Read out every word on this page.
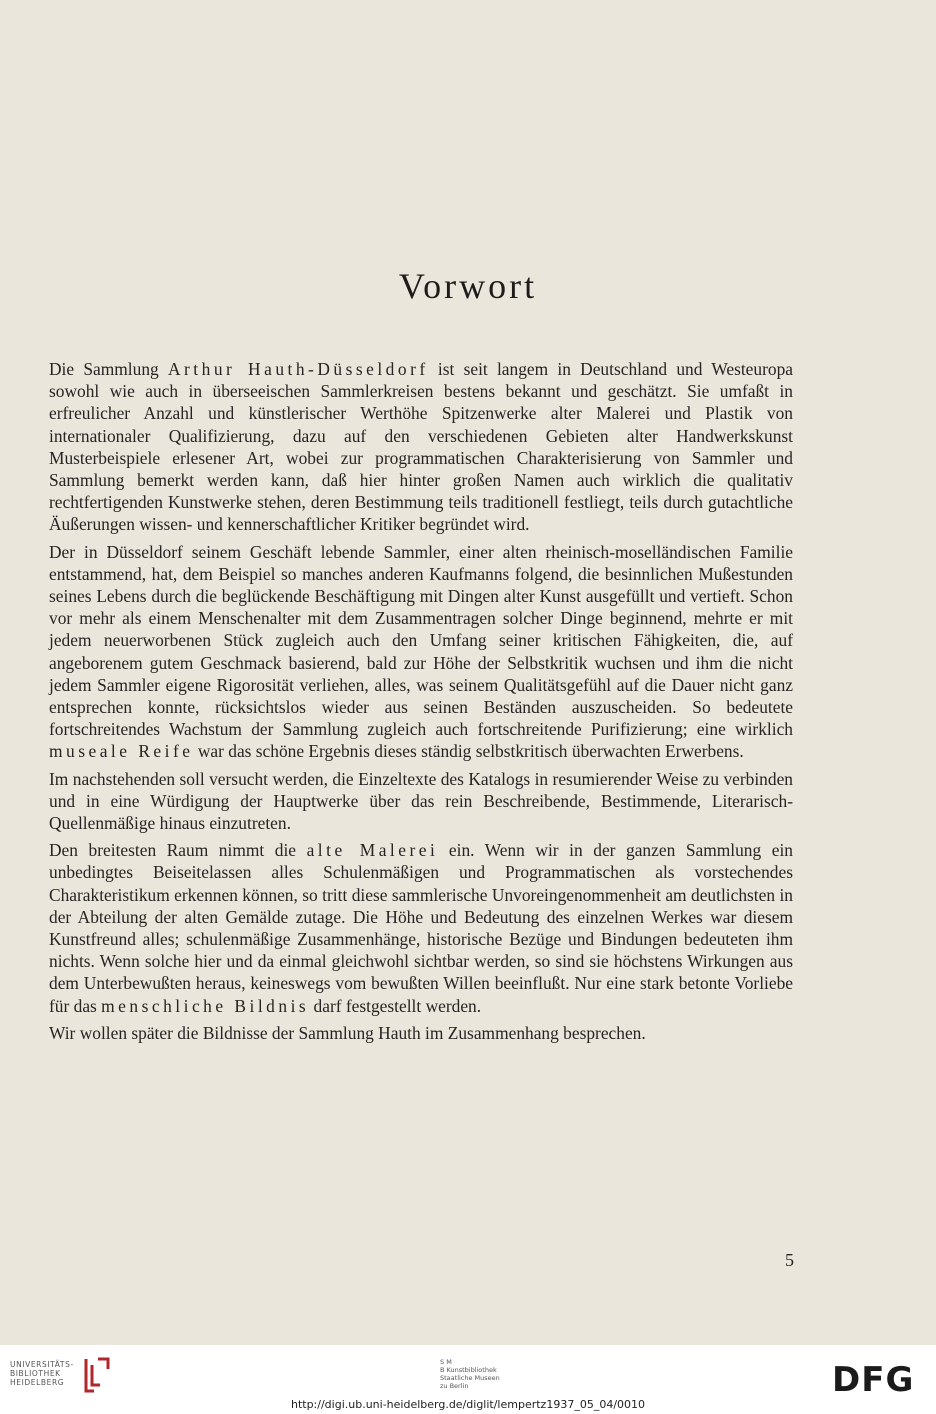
Vorwort

Die Sammlung Arthur Hauth-Düsseldorf ist seit langem in Deutschland und Westeuropa sowohl wie auch in überseeischen Sammlerkreisen bestens bekannt und geschätzt. Sie umfaßt in erfreulicher Anzahl und künstlerischer Werthöhe Spitzenwerke alter Malerei und Plastik von internationaler Qualifizierung, dazu auf den verschiedenen Gebieten alter Handwerkskunst Musterbeispiele erlesener Art, wobei zur programmatischen Charakterisierung von Sammler und Sammlung bemerkt werden kann, daß hier hinter großen Namen auch wirklich die qualitativ rechtfertigenden Kunstwerke stehen, deren Bestimmung teils traditionell festliegt, teils durch gutachtliche Äußerungen wissen- und kennerschaftlicher Kritiker begründet wird.

Der in Düsseldorf seinem Geschäft lebende Sammler, einer alten rheinisch-moselländischen Familie entstammend, hat, dem Beispiel so manches anderen Kaufmanns folgend, die besinnlichen Mußestunden seines Lebens durch die beglückende Beschäftigung mit Dingen alter Kunst ausgefüllt und vertieft. Schon vor mehr als einem Menschenalter mit dem Zusammentragen solcher Dinge beginnend, mehrte er mit jedem neuerworbenen Stück zugleich auch den Umfang seiner kritischen Fähigkeiten, die, auf angeborenem gutem Geschmack basierend, bald zur Höhe der Selbstkritik wuchsen und ihm die nicht jedem Sammler eigene Rigorosität verliehen, alles, was seinem Qualitätsgefühl auf die Dauer nicht ganz entsprechen konnte, rücksichtslos wieder aus seinen Beständen auszuscheiden. So bedeutete fortschreitendes Wachstum der Sammlung zugleich auch fortschreitende Purifizierung; eine wirklich museale Reife war das schöne Ergebnis dieses ständig selbstkritisch überwachten Erwerbens.

Im nachstehenden soll versucht werden, die Einzeltexte des Katalogs in resumierender Weise zu verbinden und in eine Würdigung der Hauptwerke über das rein Beschreibende, Bestimmende, Literarisch-Quellenmäßige hinaus einzutreten.

Den breitesten Raum nimmt die alte Malerei ein. Wenn wir in der ganzen Sammlung ein unbedingtes Beiseitelassen alles Schulenmäßigen und Programmatischen als vorstechendes Charakteristikum erkennen können, so tritt diese sammlerische Unvoreingenommenheit am deutlichsten in der Abteilung der alten Gemälde zutage. Die Höhe und Bedeutung des einzelnen Werkes war diesem Kunstfreund alles; schulenmäßige Zusammenhänge, historische Bezüge und Bindungen bedeuteten ihm nichts. Wenn solche hier und da einmal gleichwohl sichtbar werden, so sind sie höchstens Wirkungen aus dem Unterbewußten heraus, keineswegs vom bewußten Willen beeinflußt. Nur eine stark betonte Vorliebe für das menschliche Bildnis darf festgestellt werden.

Wir wollen später die Bildnisse der Sammlung Hauth im Zusammenhang besprechen.

5
UNIVERSITÄTS-
BIBLIOTHEK
HEIDELBERG
S M
B Kunstbibliothek
Staatliche Museen
zu Berlin	DFG
http://digi.ub.uni-heidelberg.de/diglit/lempertz1937_05_04/0010
